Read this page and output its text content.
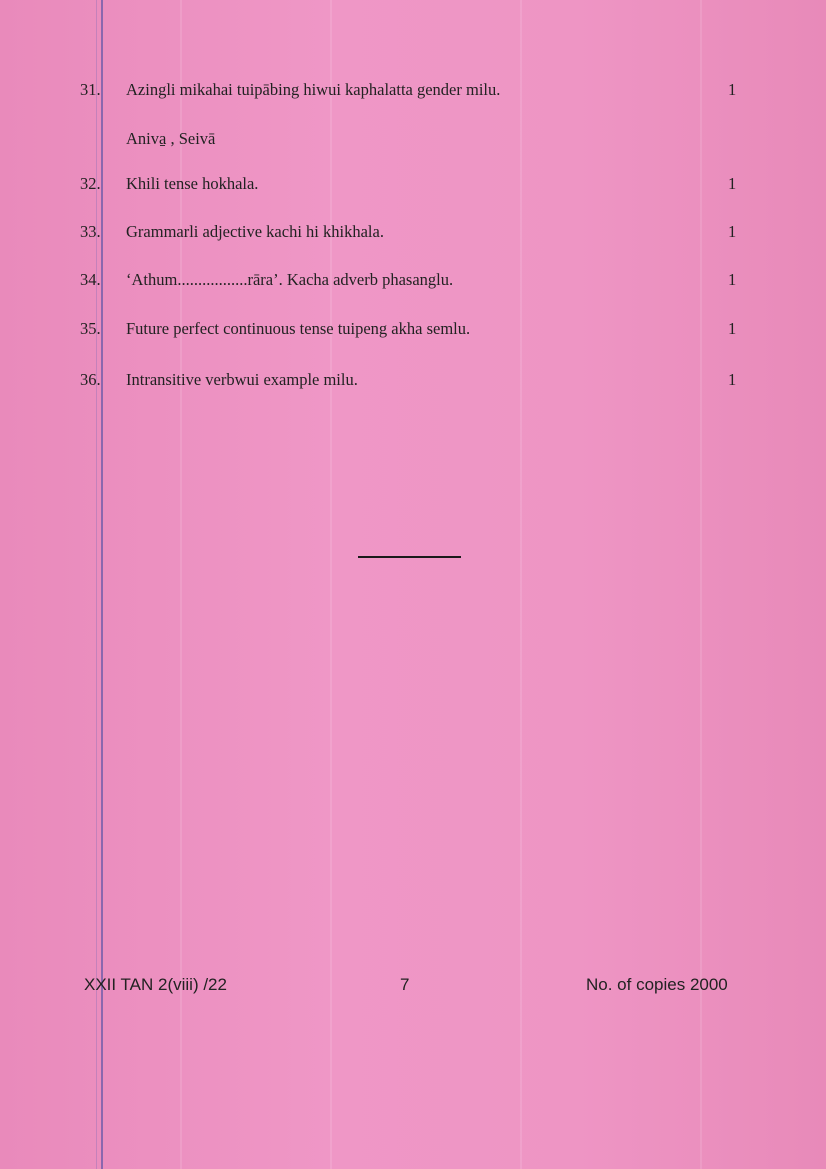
31.	Azingli mikahai tuipābing hiwui kaphalatta gender milu.	1
Aniva̱ , Seivā
32.	Khili tense hokhala.	1
33.	Grammarli adjective kachi hi khikhala.	1
34.	‘Athum.................rāra’. Kacha adverb phasanglu.	1
35.	Future perfect continuous tense tuipeng akha semlu.	1
36.	Intransitive verbwui example milu.	1
XXII TAN 2(viii) /22	7	No. of copies 2000
